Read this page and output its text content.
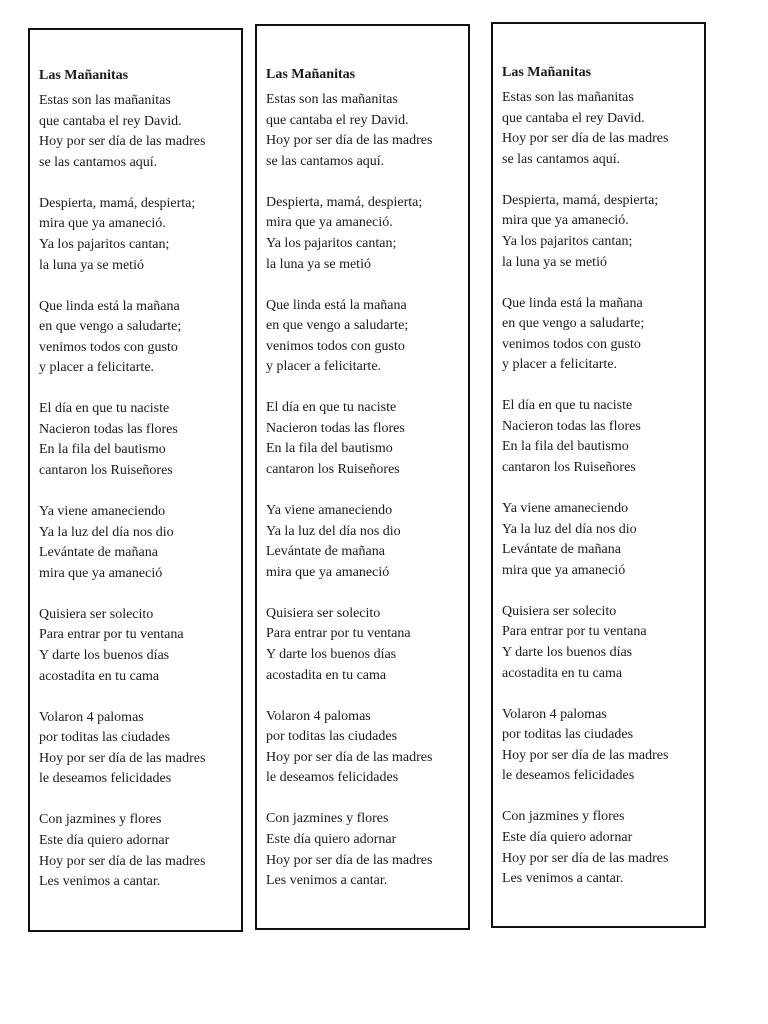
Las Mañanitas
Estas son las mañanitas
que cantaba el rey David.
Hoy por ser día de las madres
se las cantamos aquí.
Despierta, mamá, despierta;
mira que ya amaneció.
Ya los pajaritos cantan;
la luna ya se metió
Que linda está la mañana
en que vengo a saludarte;
venimos todos con gusto
y placer a felicitarte.
El día en que tu naciste
Nacieron todas las flores
En la fila del bautismo
cantaron los Ruiseñores
Ya viene amaneciendo
Ya la luz del día nos dio
Levántate de mañana
mira que ya amaneció
Quisiera ser solecito
Para entrar por tu ventana
Y darte los buenos días
acostadita en tu cama
Volaron 4 palomas
por toditas las ciudades
Hoy por ser día de las madres
le deseamos felicidades
Con jazmines y flores
Este día quiero adornar
Hoy por ser día de las madres
Les venimos a cantar.
Las Mañanitas
Estas son las mañanitas
que cantaba el rey David.
Hoy por ser día de las madres
se las cantamos aquí.
Despierta, mamá, despierta;
mira que ya amaneció.
Ya los pajaritos cantan;
la luna ya se metió
Que linda está la mañana
en que vengo a saludarte;
venimos todos con gusto
y placer a felicitarte.
El día en que tu naciste
Nacieron todas las flores
En la fila del bautismo
cantaron los Ruiseñores
Ya viene amaneciendo
Ya la luz del día nos dio
Levántate de mañana
mira que ya amaneció
Quisiera ser solecito
Para entrar por tu ventana
Y darte los buenos días
acostadita en tu cama
Volaron 4 palomas
por toditas las ciudades
Hoy por ser día de las madres
le deseamos felicidades
Con jazmines y flores
Este día quiero adornar
Hoy por ser día de las madres
Les venimos a cantar.
Las Mañanitas
Estas son las mañanitas
que cantaba el rey David.
Hoy por ser día de las madres
se las cantamos aquí.
Despierta, mamá, despierta;
mira que ya amaneció.
Ya los pajaritos cantan;
la luna ya se metió
Que linda está la mañana
en que vengo a saludarte;
venimos todos con gusto
y placer a felicitarte.
El día en que tu naciste
Nacieron todas las flores
En la fila del bautismo
cantaron los Ruiseñores
Ya viene amaneciendo
Ya la luz del día nos dio
Levántate de mañana
mira que ya amaneció
Quisiera ser solecito
Para entrar por tu ventana
Y darte los buenos días
acostadita en tu cama
Volaron 4 palomas
por toditas las ciudades
Hoy por ser día de las madres
le deseamos felicidades
Con jazmines y flores
Este día quiero adornar
Hoy por ser día de las madres
Les venimos a cantar.
